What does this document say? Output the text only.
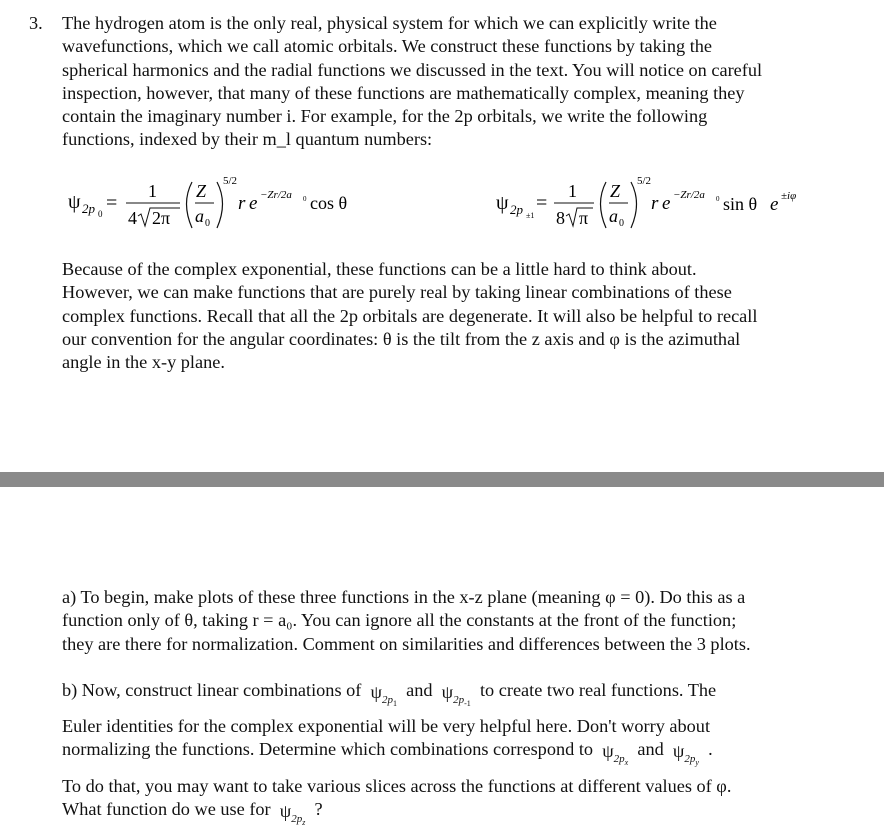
3. The hydrogen atom is the only real, physical system for which we can explicitly write the
wavefunctions, which we call atomic orbitals. We construct these functions by taking the
spherical harmonics and the radial functions we discussed in the text. You will notice on careful
inspection, however, that many of these functions are mathematically complex, meaning they
contain the imaginary number i. For example, for the 2p orbitals, we write the following
functions, indexed by their m_l quantum numbers:
ψ 2p 0 =
1
4 2π
Z
a 0
5/2
r e −Zr/2a 0 cos θ	ψ 2p ±1
=
1
8 π
Z
a 0
5/2
r e −Zr/2a 0 sin θ e ±iφ
Because of the complex exponential, these functions can be a little hard to think about.
However, we can make functions that are purely real by taking linear combinations of these
complex functions. Recall that all the 2p orbitals are degenerate. It will also be helpful to recall
our convention for the angular coordinates: θ is the tilt from the z axis and φ is the azimuthal
angle in the x-y plane.
a) To begin, make plots of these three functions in the x-z plane (meaning φ = 0). Do this as a
function only of θ, taking r = a₀. You can ignore all the constants at the front of the function;
they are there for normalization. Comment on similarities and differences between the 3 plots.
b) Now, construct linear combinations of  $\psi_{2p_1}$  and  $\psi_{2p_{-1}}$  to create two real functions. The
Euler identities for the complex exponential will be very helpful here. Don't worry about
normalizing the functions. Determine which combinations correspond to  $\psi_{2p_x}$  and  $\psi_{2p_y}$  .
To do that, you may want to take various slices across the functions at different values of φ.
What function do we use for  $\psi_{2p_z}$  ?
